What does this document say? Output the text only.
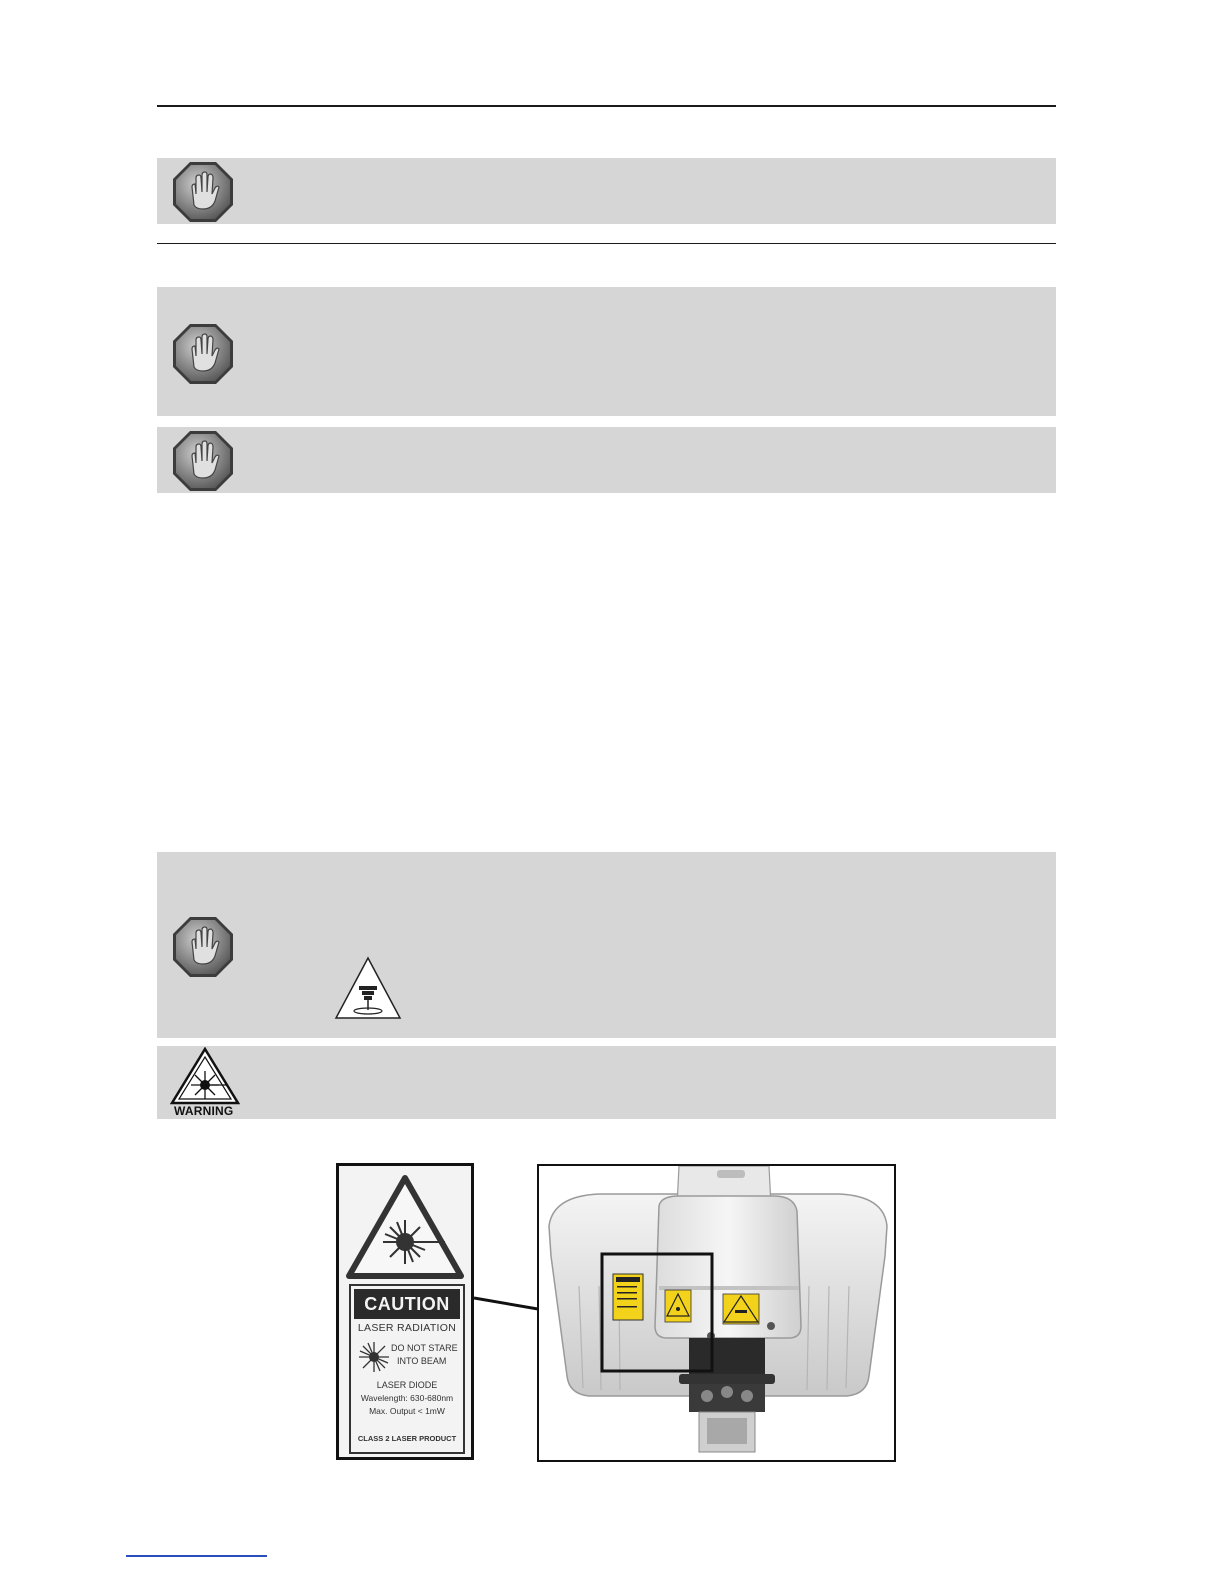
WARNING
CAUTION
LASER RADIATION
DO NOT STARE
INTO BEAM
LASER DIODE
Wavelength: 630-680nm
Max. Output < 1mW
CLASS 2 LASER PRODUCT
